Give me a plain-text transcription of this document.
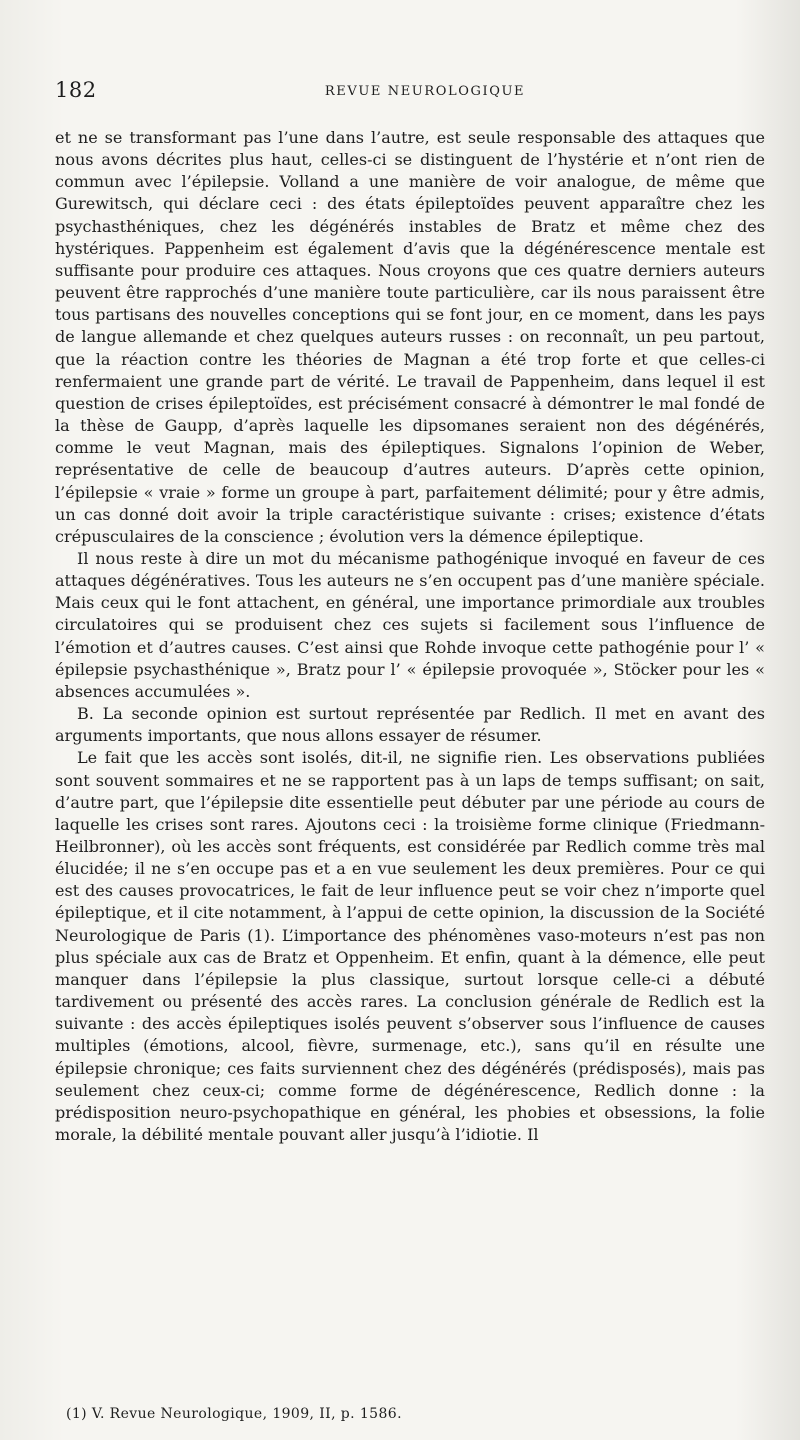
182	REVUE NEUROLOGIQUE

et ne se transformant pas l’une dans l’autre, est seule responsable des attaques que nous avons décrites plus haut, celles-ci se distinguent de l’hystérie et n’ont rien de commun avec l’épilepsie. Volland a une manière de voir analogue, de même que Gurewitsch, qui déclare ceci : des états épileptoïdes peuvent apparaître chez les psychasthéniques, chez les dégénérés instables de Bratz et même chez des hystériques. Pappenheim est également d’avis que la dégénérescence mentale est suffisante pour produire ces attaques. Nous croyons que ces quatre derniers auteurs peuvent être rapprochés d’une manière toute particulière, car ils nous paraissent être tous partisans des nouvelles conceptions qui se font jour, en ce moment, dans les pays de langue allemande et chez quelques auteurs russes : on reconnaît, un peu partout, que la réaction contre les théories de Magnan a été trop forte et que celles-ci renfermaient une grande part de vérité. Le travail de Pappenheim, dans lequel il est question de crises épileptoïdes, est précisément consacré à démontrer le mal fondé de la thèse de Gaupp, d’après laquelle les dipsomanes seraient non des dégénérés, comme le veut Magnan, mais des épileptiques. Signalons l’opinion de Weber, représentative de celle de beaucoup d’autres auteurs. D’après cette opinion, l’épilepsie « vraie » forme un groupe à part, parfaitement délimité; pour y être admis, un cas donné doit avoir la triple caractéristique suivante : crises; existence d’états crépusculaires de la conscience ; évolution vers la démence épileptique.

Il nous reste à dire un mot du mécanisme pathogénique invoqué en faveur de ces attaques dégénératives. Tous les auteurs ne s’en occupent pas d’une manière spéciale. Mais ceux qui le font attachent, en général, une importance primordiale aux troubles circulatoires qui se produisent chez ces sujets si facilement sous l’influence de l’émotion et d’autres causes. C’est ainsi que Rohde invoque cette pathogénie pour l’ « épilepsie psychasthénique », Bratz pour l’ « épilepsie provoquée », Stöcker pour les « absences accumulées ».

B. La seconde opinion est surtout représentée par Redlich. Il met en avant des arguments importants, que nous allons essayer de résumer.

Le fait que les accès sont isolés, dit-il, ne signifie rien. Les observations publiées sont souvent sommaires et ne se rapportent pas à un laps de temps suffisant; on sait, d’autre part, que l’épilepsie dite essentielle peut débuter par une période au cours de laquelle les crises sont rares. Ajoutons ceci : la troisième forme clinique (Friedmann-Heilbronner), où les accès sont fréquents, est considérée par Redlich comme très mal élucidée; il ne s’en occupe pas et a en vue seulement les deux premières. Pour ce qui est des causes provocatrices, le fait de leur influence peut se voir chez n’importe quel épileptique, et il cite notamment, à l’appui de cette opinion, la discussion de la Société Neurologique de Paris (1). L’importance des phénomènes vaso-moteurs n’est pas non plus spéciale aux cas de Bratz et Oppenheim. Et enfin, quant à la démence, elle peut manquer dans l’épilepsie la plus classique, surtout lorsque celle-ci a débuté tardivement ou présenté des accès rares. La conclusion générale de Redlich est la suivante : des accès épileptiques isolés peuvent s’observer sous l’influence de causes multiples (émotions, alcool, fièvre, surmenage, etc.), sans qu’il en résulte une épilepsie chronique; ces faits surviennent chez des dégénérés (prédisposés), mais pas seulement chez ceux-ci; comme forme de dégénérescence, Redlich donne : la prédisposition neuro-psychopathique en général, les phobies et obsessions, la folie morale, la débilité mentale pouvant aller jusqu’à l’idiotie. Il

(1) V. Revue Neurologique, 1909, II, p. 1586.
